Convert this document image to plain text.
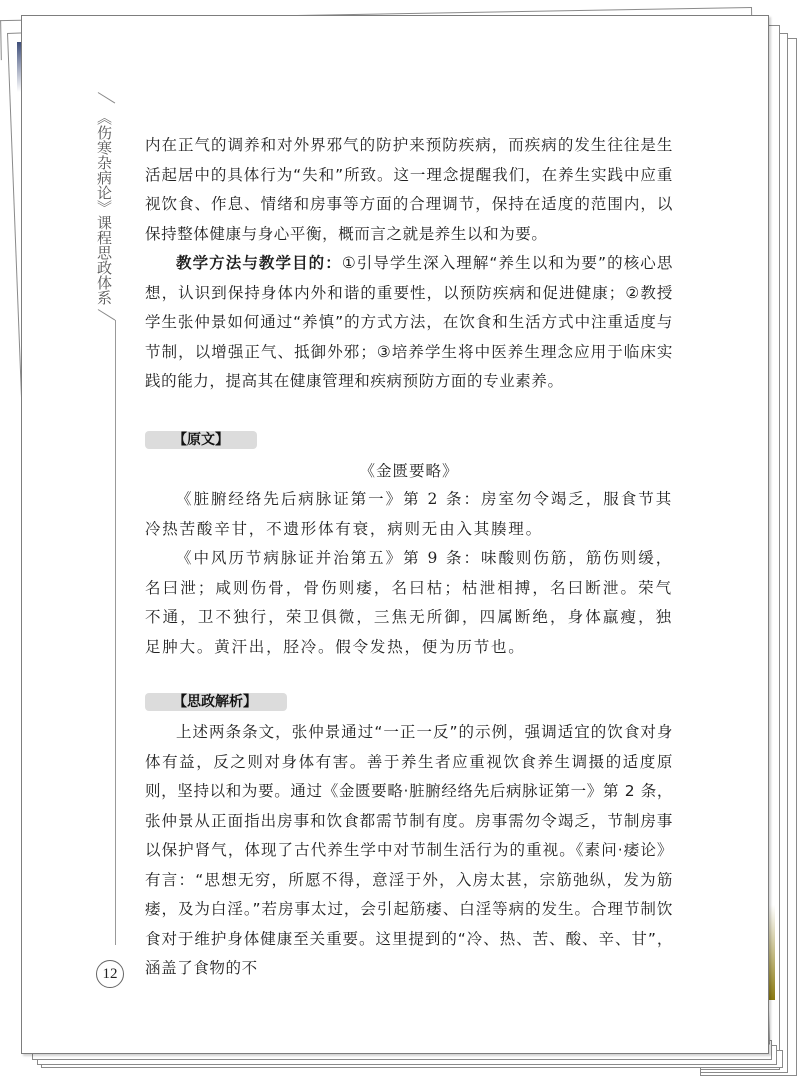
《伤寒杂病论》
课程思政体系

内在正气的调养和对外界邪气的防护来预防疾病，而疾病的发生往往是生活起居中的具体行为“失和”所致。这一理念提醒我们，在养生实践中应重视饮食、作息、情绪和房事等方面的合理调节，保持在适度的范围内，以保持整体健康与身心平衡，概而言之就是养生以和为要。

教学方法与教学目的：①引导学生深入理解“养生以和为要”的核心思想，认识到保持身体内外和谐的重要性，以预防疾病和促进健康；②教授学生张仲景如何通过“养慎”的方式方法，在饮食和生活方式中注重适度与节制，以增强正气、抵御外邪；③培养学生将中医养生理念应用于临床实践的能力，提高其在健康管理和疾病预防方面的专业素养。

【原文】
《金匮要略》

《脏腑经络先后病脉证第一》第 2 条：房室勿令竭乏，服食节其冷热苦酸辛甘，不遗形体有衰，病则无由入其腠理。

《中风历节病脉证并治第五》第 9 条：味酸则伤筋，筋伤则缓，名曰泄；咸则伤骨，骨伤则痿，名曰枯；枯泄相搏，名曰断泄。荣气不通，卫不独行，荣卫俱微，三焦无所御，四属断绝，身体羸瘦，独足肿大。黄汗出，胫冷。假令发热，便为历节也。

【思政解析】

上述两条条文，张仲景通过“一正一反”的示例，强调适宜的饮食对身体有益，反之则对身体有害。善于养生者应重视饮食养生调摄的适度原则，坚持以和为要。通过《金匮要略·脏腑经络先后病脉证第一》第 2 条，张仲景从正面指出房事和饮食都需节制有度。房事需勿令竭乏，节制房事以保护肾气，体现了古代养生学中对节制生活行为的重视。《素问·痿论》有言：“思想无穷，所愿不得，意淫于外，入房太甚，宗筋弛纵，发为筋痿，及为白淫。”若房事太过，会引起筋痿、白淫等病的发生。合理节制饮食对于维护身体健康至关重要。这里提到的“冷、热、苦、酸、辛、甘”，涵盖了食物的不

12
